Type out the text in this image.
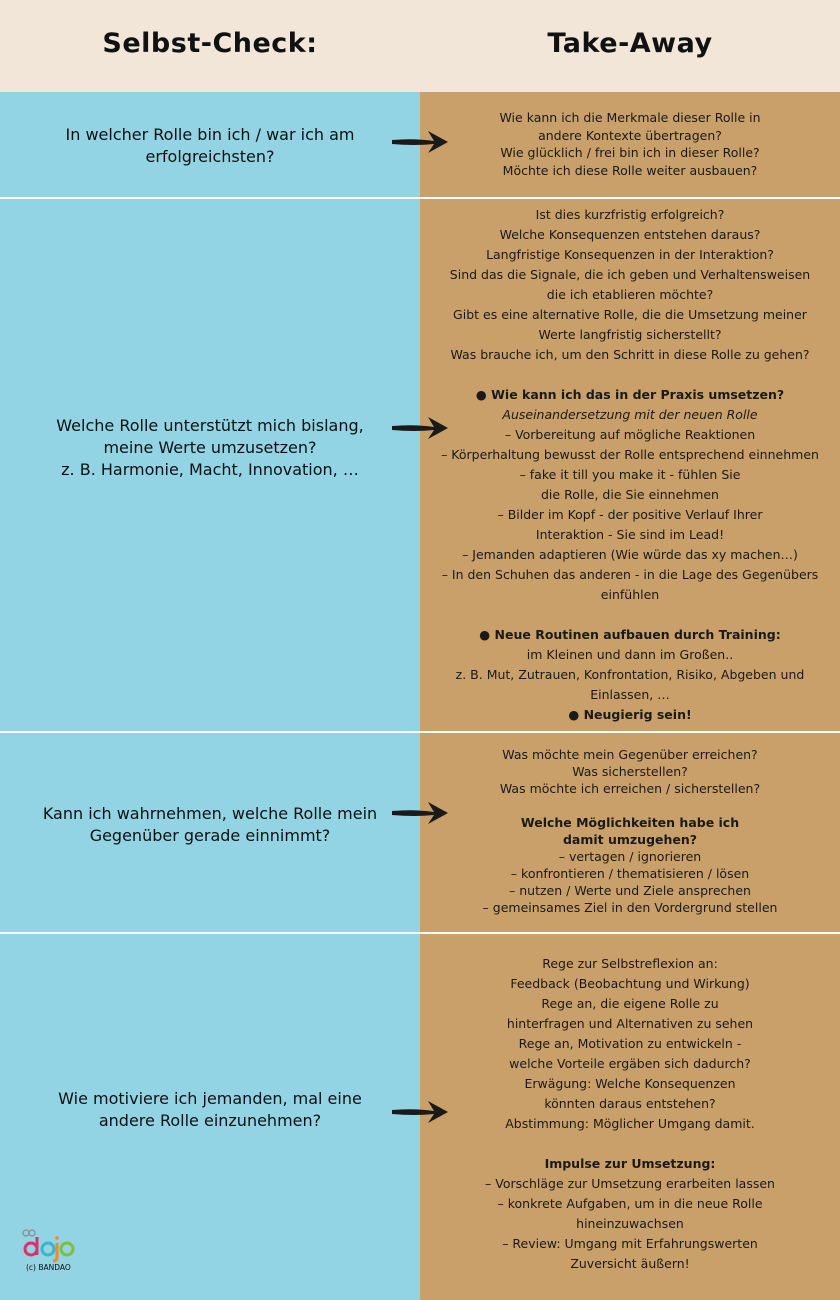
Selbst-Check:	Take-Away
In welcher Rolle bin ich / war ich am
erfolgreichsten?
Welche Rolle unterstützt mich bislang,
meine Werte umzusetzen?
z. B. Harmonie, Macht, Innovation, …
Kann ich wahrnehmen, welche Rolle mein
Gegenüber gerade einnimmt?
Wie motiviere ich jemanden, mal eine
andere Rolle einzunehmen?
Wie kann ich die Merkmale dieser Rolle in
andere Kontexte übertragen?
Wie glücklich / frei bin ich in dieser Rolle?
Möchte ich diese Rolle weiter ausbauen?
Ist dies kurzfristig erfolgreich?
Welche Konsequenzen entstehen daraus?
Langfristige Konsequenzen in der Interaktion?
Sind das die Signale, die ich geben und Verhaltensweisen
die ich etablieren möchte?
Gibt es eine alternative Rolle, die die Umsetzung meiner
Werte langfristig sicherstellt?
Was brauche ich, um den Schritt in diese Rolle zu gehen?

● Wie kann ich das in der Praxis umsetzen?
Auseinandersetzung mit der neuen Rolle
– Vorbereitung auf mögliche Reaktionen
– Körperhaltung bewusst der Rolle entsprechend einnehmen
– fake it till you make it - fühlen Sie
die Rolle, die Sie einnehmen
– Bilder im Kopf - der positive Verlauf Ihrer
Interaktion - Sie sind im Lead!
– Jemanden adaptieren (Wie würde das xy machen…)
– In den Schuhen das anderen - in die Lage des Gegenübers
einfühlen

● Neue Routinen aufbauen durch Training:
im Kleinen und dann im Großen..
z. B. Mut, Zutrauen, Konfrontation, Risiko, Abgeben und
Einlassen, …
● Neugierig sein!
Was möchte mein Gegenüber erreichen?
Was sicherstellen?
Was möchte ich erreichen / sicherstellen?

Welche Möglichkeiten habe ich
damit umzugehen?
– vertagen / ignorieren
– konfrontieren / thematisieren / lösen
– nutzen / Werte und Ziele ansprechen
– gemeinsames Ziel in den Vordergrund stellen
Rege zur Selbstreflexion an:
Feedback (Beobachtung und Wirkung)
Rege an, die eigene Rolle zu
hinterfragen und Alternativen zu sehen
Rege an, Motivation zu entwickeln -
welche Vorteile ergäben sich dadurch?
Erwägung: Welche Konsequenzen
könnten daraus entstehen?
Abstimmung: Möglicher Umgang damit.

Impulse zur Umsetzung:
– Vorschläge zur Umsetzung erarbeiten lassen
– konkrete Aufgaben, um in die neue Rolle
hineinzuwachsen
– Review: Umgang mit Erfahrungswerten
Zuversicht äußern!
(c) BANDAO
